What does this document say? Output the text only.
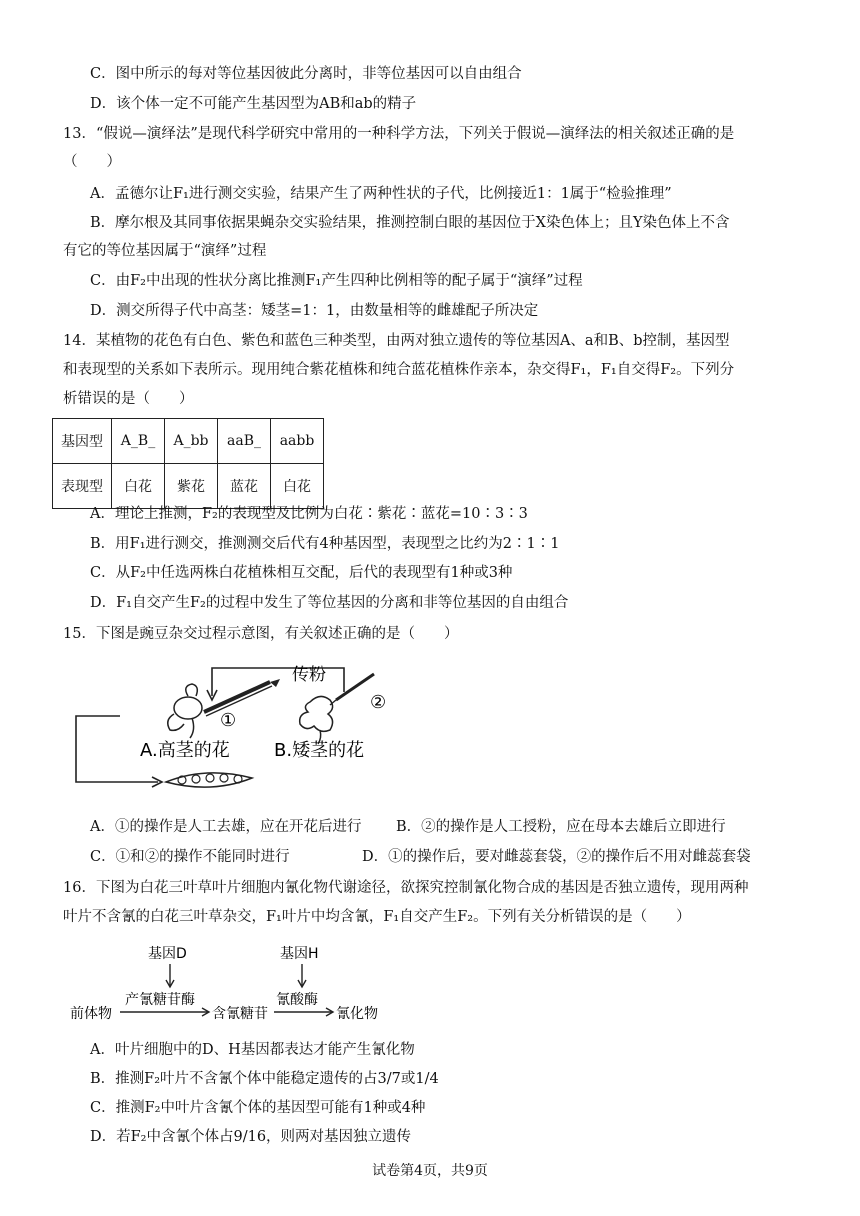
C．图中所示的每对等位基因彼此分离时，非等位基因可以自由组合
D．该个体一定不可能产生基因型为AB和ab的精子
13．“假说—演绎法”是现代科学研究中常用的一种科学方法，下列关于假说—演绎法的相关叙述正确的是
（　　）
A．孟德尔让F₁进行测交实验，结果产生了两种性状的子代，比例接近1：1属于“检验推理”
B．摩尔根及其同事依据果蝇杂交实验结果，推测控制白眼的基因位于X染色体上；且Y染色体上不含
有它的等位基因属于“演绎”过程
C．由F₂中出现的性状分离比推测F₁产生四种比例相等的配子属于“演绎”过程
D．测交所得子代中高茎：矮茎=1：1，由数量相等的雌雄配子所决定
14．某植物的花色有白色、紫色和蓝色三种类型，由两对独立遗传的等位基因A、a和B、b控制，基因型
和表现型的关系如下表所示。现用纯合紫花植株和纯合蓝花植株作亲本，杂交得F₁，F₁自交得F₂。下列分
析错误的是（　　）
基因型	A_B_	A_bb	aaB_	aabb
表现型	白花	紫花	蓝花	白花
A．理论上推测，F₂的表现型及比例为白花∶紫花∶蓝花=10∶3∶3
B．用F₁进行测交，推测测交后代有4种基因型，表现型之比约为2∶1∶1
C．从F₂中任选两株白花植株相互交配，后代的表现型有1种或3种
D．F₁自交产生F₂的过程中发生了等位基因的分离和非等位基因的自由组合
15．下图是豌豆杂交过程示意图，有关叙述正确的是（　　）
传粉
①
②
A.高茎的花 B.矮茎的花
A．①的操作是人工去雄，应在开花后进行 B．②的操作是人工授粉，应在母本去雄后立即进行
C．①和②的操作不能同时进行	D．①的操作后，要对雌蕊套袋，②的操作后不用对雌蕊套袋
16．下图为白花三叶草叶片细胞内氰化物代谢途径，欲探究控制氰化物合成的基因是否独立遗传，现用两种
叶片不含氰的白花三叶草杂交，F₁叶片中均含氰，F₁自交产生F₂。下列有关分析错误的是（　　）
基因D	基因H
产氰糖苷酶	氰酸酶
前体物	含氰糖苷	氰化物
A．叶片细胞中的D、H基因都表达才能产生氰化物
B．推测F₂叶片不含氰个体中能稳定遗传的占3/7或1/4
C．推测F₂中叶片含氰个体的基因型可能有1种或4种
D．若F₂中含氰个体占9/16，则两对基因独立遗传
试卷第4页，共9页
